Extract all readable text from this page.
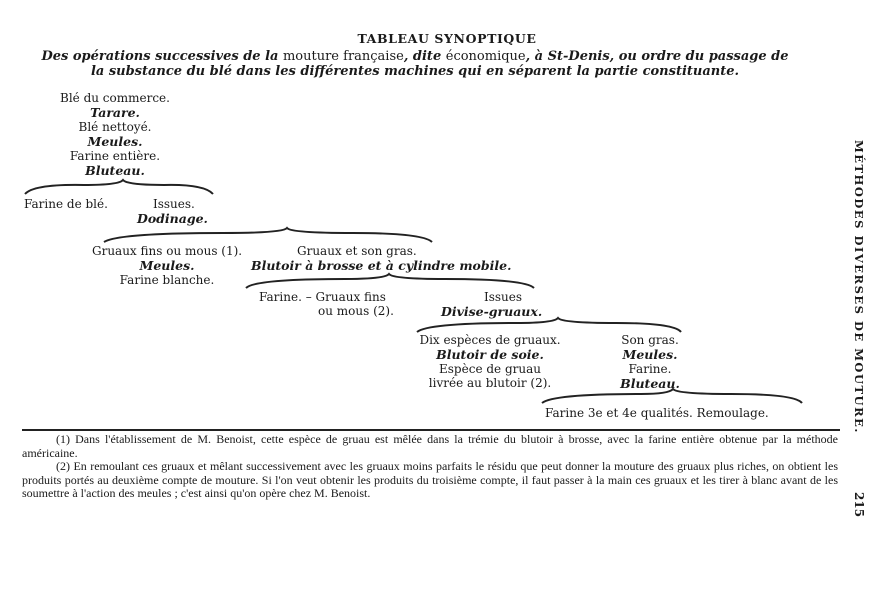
TABLEAU SYNOPTIQUE
Des opérations successives de la mouture française, dite économique, à St-Denis, ou ordre du passage de
la substance du blé dans les différentes machines qui en séparent la partie constituante.
Blé du commerce.
Tarare.
Blé nettoyé.
Meules.
Farine entière.
Bluteau.
Farine de blé.	Issues.
Dodinage.
Gruaux fins ou mous (1).
Meules.
Farine blanche.
Gruaux et son gras.
Blutoir à brosse et à cylindre mobile.
Farine. – Gruaux fins
ou mous (2).
Issues
Divise-gruaux.
Dix espèces de gruaux.
Blutoir de soie.
Espèce de gruau
livrée au blutoir (2).
Son gras.
Meules.
Farine.
Bluteau.
Farine 3e et 4e qualités. Remoulage.

(1) Dans l'établissement de M. Benoist, cette espèce de gruau est mêlée dans la trémie du blutoir à brosse, avec la farine entière obtenue par la méthode américaine.

(2) En remoulant ces gruaux et mêlant successivement avec les gruaux moins parfaits le résidu que peut donner la mouture des gruaux plus riches, on obtient les produits portés au deuxième compte de mouture. Si l'on veut obtenir les produits du troisième compte, il faut passer à la main ces gruaux et les tirer à blanc avant de les soumettre à l'action des meules ; c'est ainsi qu'on opère chez M. Benoist.

MÉTHODES DIVERSES DE MOUTURE.
215
